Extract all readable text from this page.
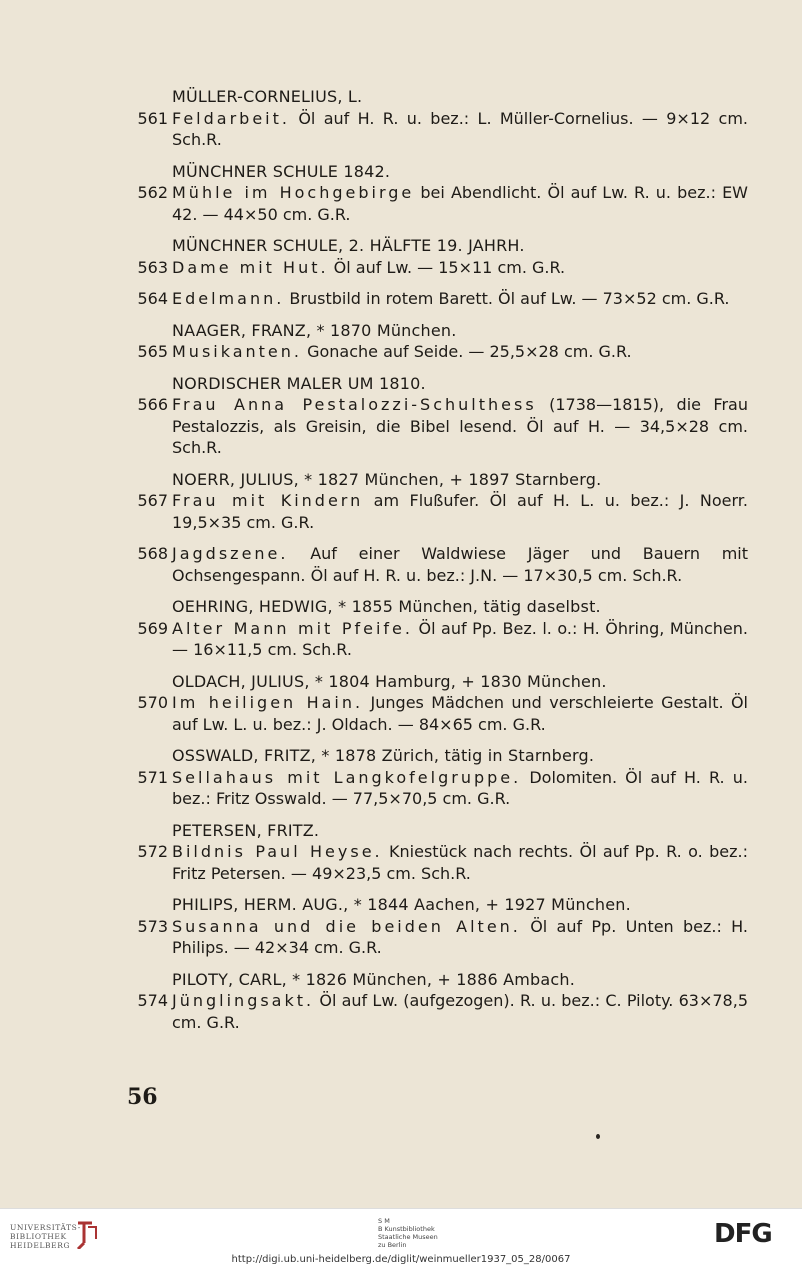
MÜLLER-CORNELIUS, L.
561 Feldarbeit. Öl auf H. R. u. bez.: L. Müller-Cornelius. — 9×12 cm. Sch.R.
MÜNCHNER SCHULE 1842.
562 Mühle im Hochgebirge bei Abendlicht. Öl auf Lw. R. u. bez.: EW 42. — 44×50 cm. G.R.
MÜNCHNER SCHULE, 2. HÄLFTE 19. JAHRH.
563 Dame mit Hut. Öl auf Lw. — 15×11 cm. G.R.
564 Edelmann. Brustbild in rotem Barett. Öl auf Lw. — 73×52 cm. G.R.
NAAGER, FRANZ, * 1870 München.
565 Musikanten. Gonache auf Seide. — 25,5×28 cm. G.R.
NORDISCHER MALER UM 1810.
566 Frau Anna Pestalozzi-Schulthess (1738—1815), die Frau Pestalozzis, als Greisin, die Bibel lesend. Öl auf H. — 34,5×28 cm. Sch.R.
NOERR, JULIUS, * 1827 München, + 1897 Starnberg.
567 Frau mit Kindern am Flußufer. Öl auf H. L. u. bez.: J. Noerr. 19,5×35 cm. G.R.
568 Jagdszene. Auf einer Waldwiese Jäger und Bauern mit Ochsengespann. Öl auf H. R. u. bez.: J.N. — 17×30,5 cm. Sch.R.
OEHRING, HEDWIG, * 1855 München, tätig daselbst.
569 Alter Mann mit Pfeife. Öl auf Pp. Bez. l. o.: H. Öhring, München. — 16×11,5 cm. Sch.R.
OLDACH, JULIUS, * 1804 Hamburg, + 1830 München.
570 Im heiligen Hain. Junges Mädchen und verschleierte Gestalt. Öl auf Lw. L. u. bez.: J. Oldach. — 84×65 cm. G.R.
OSSWALD, FRITZ, * 1878 Zürich, tätig in Starnberg.
571 Sellahaus mit Langkofelgruppe. Dolomiten. Öl auf H. R. u. bez.: Fritz Osswald. — 77,5×70,5 cm. G.R.
PETERSEN, FRITZ.
572 Bildnis Paul Heyse. Kniestück nach rechts. Öl auf Pp. R. o. bez.: Fritz Petersen. — 49×23,5 cm. Sch.R.
PHILIPS, HERM. AUG., * 1844 Aachen, + 1927 München.
573 Susanna und die beiden Alten. Öl auf Pp. Unten bez.: H. Philips. — 42×34 cm. G.R.
PILOTY, CARL, * 1826 München, + 1886 Ambach.
574 Jünglingsakt. Öl auf Lw. (aufgezogen). R. u. bez.: C. Piloty. 63×78,5 cm. G.R.
56
UNIVERSITÄTS-
BIBLIOTHEK
HEIDELBERG
S M
B Kunstbibliothek
Staatliche Museen
zu Berlin	DFG
http://digi.ub.uni-heidelberg.de/diglit/weinmueller1937_05_28/0067
